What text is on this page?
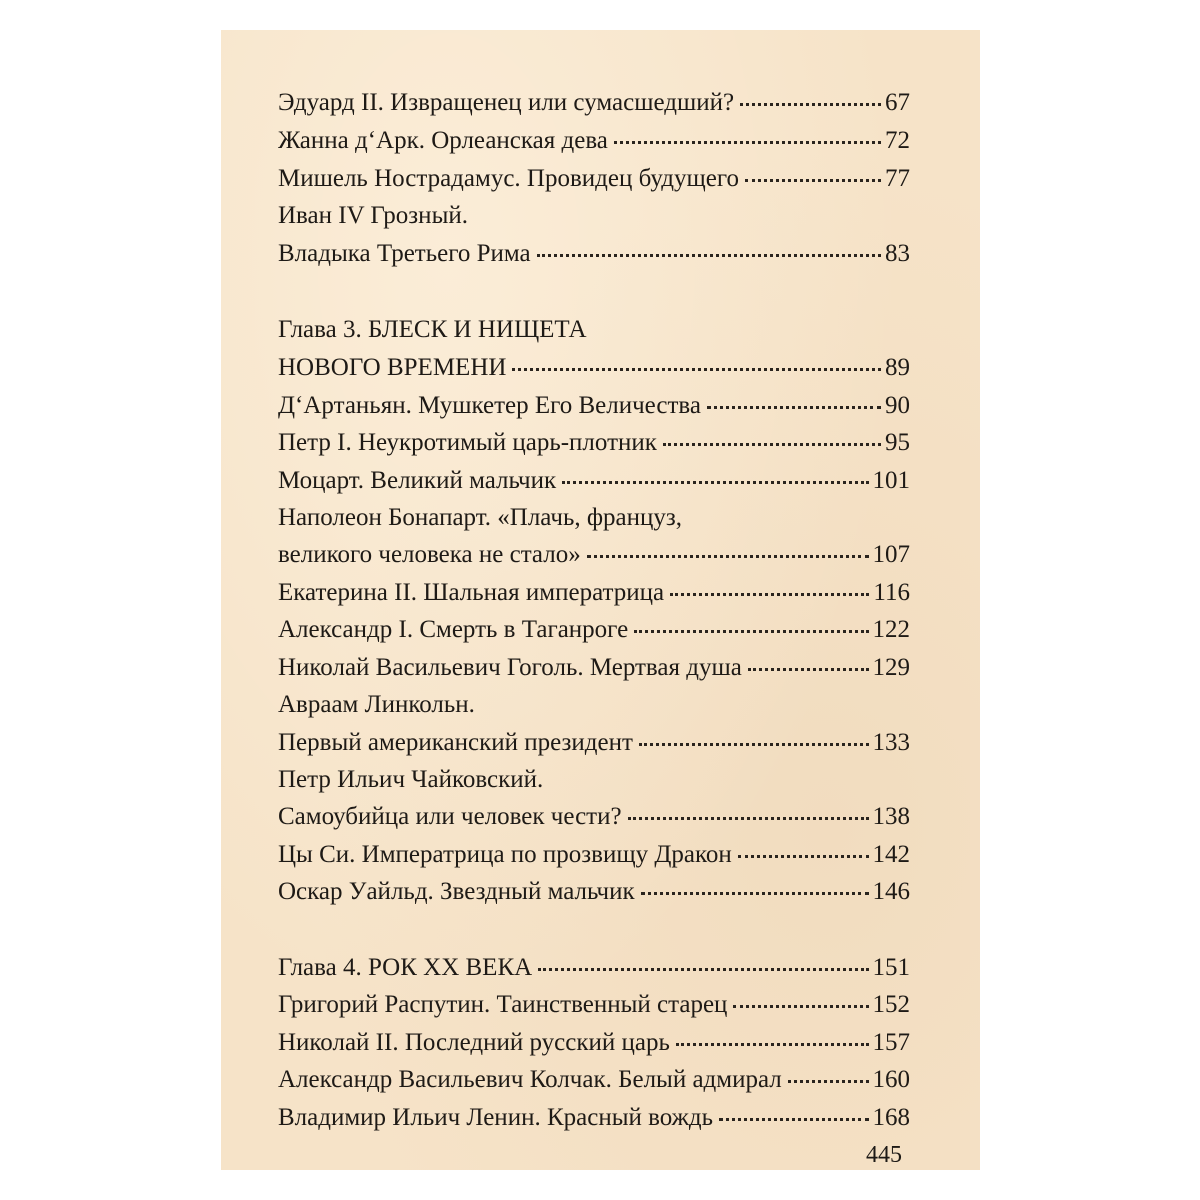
Эдуард II. Извращенец или сумасшедший?	67
Жанна д‘Арк. Орлеанская дева	72
Мишель Нострадамус. Провидец будущего	77
Иван IV Грозный.
Владыка Третьего Рима	83
Глава 3. БЛЕСК И НИЩЕТА
НОВОГО ВРЕМЕНИ	89
Д‘Артаньян. Мушкетер Его Величества	90
Петр I. Неукротимый царь-плотник	95
Моцарт. Великий мальчик	101
Наполеон Бонапарт. «Плачь, француз,
великого человека не стало»	107
Екатерина II. Шальная императрица	116
Александр I. Смерть в Таганроге	122
Николай Васильевич Гоголь. Мертвая душа	129
Авраам Линкольн.
Первый американский президент	133
Петр Ильич Чайковский.
Самоубийца или человек чести?	138
Цы Си. Императрица по прозвищу Дракон	142
Оскар Уайльд. Звездный мальчик	146
Глава 4. РОК XX ВЕКА	151
Григорий Распутин. Таинственный старец	152
Николай II. Последний русский царь	157
Александр Васильевич Колчак. Белый адмирал	160
Владимир Ильич Ленин. Красный вождь	168
445
